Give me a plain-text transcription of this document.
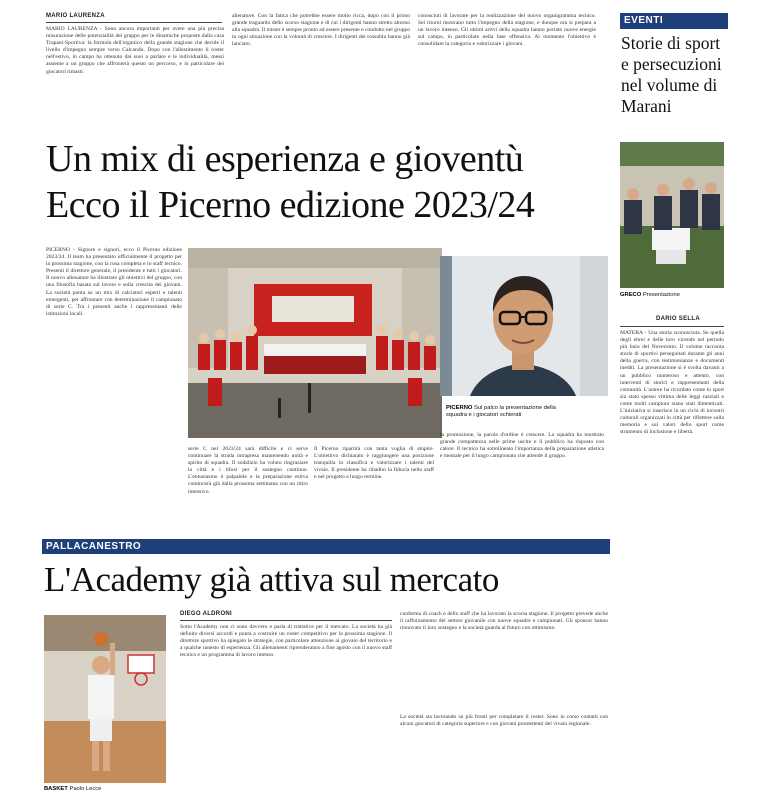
MARIO LAURENZA
MARIO LAURENZA - Sono ancora importanti per avere una più precisa misurazione delle potenzialità del gruppo per le dinamiche proposte dalla casa Trapani-Sportiva: la formula dell'organico della grande stagione che decide il livello d'impegno sempre verso Calcando. Dopo con l'allestimento il roster nell'estivo, in campo ha ottenuto dai suoi a parlare e le individualità, messi assieme a un gruppo che affronterà questo un percorso, e in particolare dei giocatori rimasti.
allenatore. Con la fatica che potrebbe essere molto ricca, dopo con il primo grande traguardo dello scorso stagione e di cui i dirigenti hanno stretto attorno alla squadra. Il mister è sempre pronto ad essere presente e condotto nel gruppo in ogni situazione con la volontà di crescere. I dirigenti dei rossoblu hanno già lanciato.
conosciuti di lavorare per la realizzazione del nuovo organigramma tecnico. Sei ritorni mostrano tutto l'impegno della stagione, e dunque ora si prepara a un lavoro intenso. Gli ultimi arrivi della squadra hanno portato nuove energie sul campo, in particolare nella fase offensiva. Al momento l'obiettivo è consolidare la categoria e valorizzare i giovani.
Un mix di esperienza e gioventù
Ecco il Picerno edizione 2023/24
PICERNO - Signore e signori, ecco il Picerno edizione 2023/24. Il team ha presentato ufficialmente il progetto per la prossima stagione, con la rosa completa e lo staff tecnico. Presenti il direttore generale, il presidente e tutti i giocatori. Il nuovo allenatore ha illustrato gli obiettivi del gruppo, con una filosofia basata sul lavoro e sulla crescita dei giovani. La società punta su un mix di calciatori esperti e talenti emergenti, per affrontare con determinazione il campionato di serie C. Tra i presenti anche i rappresentanti delle istituzioni locali.
PICERNO Sul palco la presentazione della squadra e i giocatori schierati
serie C nel 2023/24 sarà difficile e ci serve continuare la strada intrapresa mantenendo unità e spirito di squadra. Il sodalizio ha voluto ringraziare la città e i tifosi per il sostegno continuo. L'entusiasmo è palpabile e la preparazione estiva comincerà già dalla prossima settimana con un ritiro intensivo.
Il Picerno ripartirà con tanta voglia di stupire. L'obiettivo dichiarato è raggiungere una posizione tranquilla in classifica e valorizzare i talenti del vivaio. Il presidente ha ribadito la fiducia nello staff e nel progetto a lungo termine.
la promozione, la parola d'ordine è crescere. La squadra ha mostrato grande compattezza nelle prime uscite e il pubblico ha risposto con calore. Il tecnico ha sottolineato l'importanza della preparazione atletica e mentale per il lungo campionato che attende il gruppo.
EVENTI
Storie di sport e persecuzioni nel volume di Marani
GRECO Presentazione
DARIO SELLA
MATERA - Una storia sconosciuta. Se quella degli ebrei e delle loro vicende nel periodo più buio del Novecento. Il volume racconta storie di sportivi perseguitati durante gli anni della guerra, con testimonianze e documenti inediti. La presentazione si è svolta davanti a un pubblico numeroso e attento, con interventi di storici e rappresentanti della comunità. L'autore ha ricordato come lo sport sia stato spesso vittima delle leggi razziali e come molti campioni siano stati dimenticati. L'iniziativa si inserisce in un ciclo di incontri culturali organizzati in città per riflettere sulla memoria e sui valori dello sport come strumento di inclusione e libertà.
PALLACANESTRO
L'Academy già attiva sul mercato
BASKET Paolo Lecce
DIEGO ALDRONI
Sotto l'Academy non ci sono davvero e parla di trattative per il mercato. La società ha già definito diversi accordi e punta a costruire un roster competitivo per la prossima stagione. Il direttore sportivo ha spiegato le strategie, con particolare attenzione ai giovani del territorio e a qualche innesto di esperienza. Gli allenamenti riprenderanno a fine agosto con il nuovo staff tecnico e un programma di lavoro intenso.
conferma di coach e dello staff che ha lavorato la scorsa stagione. Il progetto prevede anche il rafforzamento del settore giovanile con nuove squadre e campionati. Gli sponsor hanno rinnovato il loro sostegno e la società guarda al futuro con ottimismo.
La società sta lavorando su più fronti per completare il roster. Sono in corso contatti con alcuni giocatori di categoria superiore e con giovani promettenti del vivaio regionale.
